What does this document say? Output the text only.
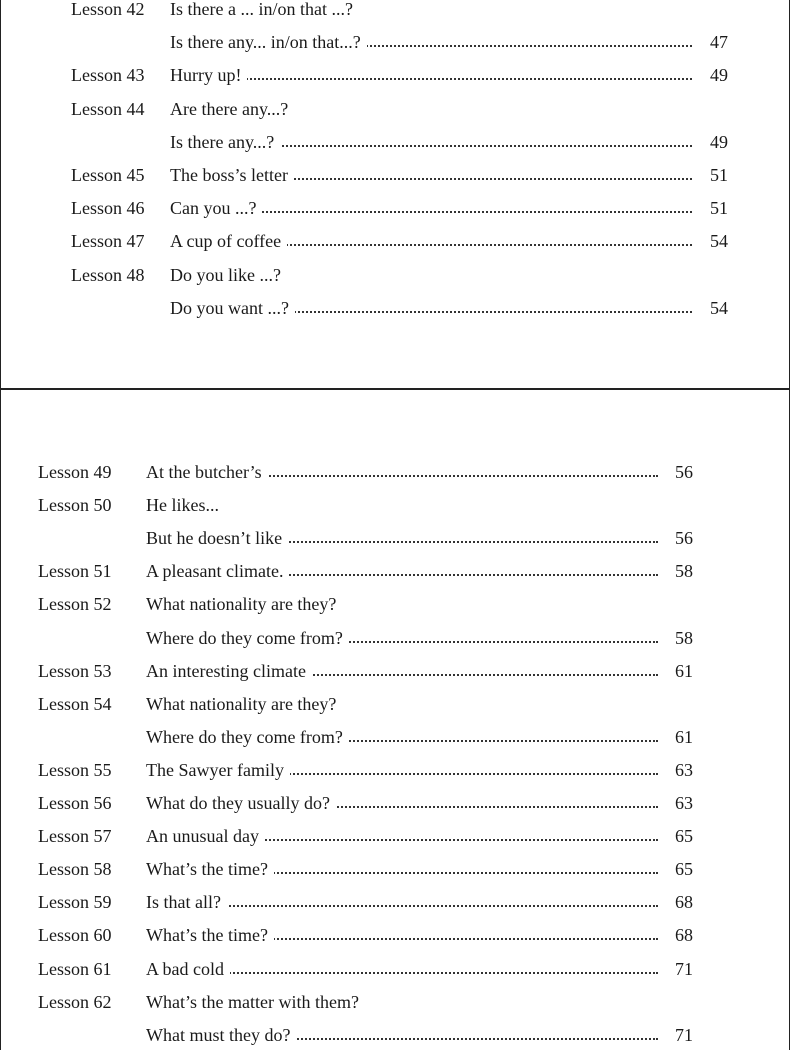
Lesson 42 Is there a ... in/on that ...?
Is there any... in/on that...?	47
Lesson 43 Hurry up!	49
Lesson 44 Are there any...?
Is there any...?	49
Lesson 45 The boss’s letter	51
Lesson 46 Can you ...?	51
Lesson 47 A cup of coffee	54
Lesson 48 Do you like ...?
Do you want ...?	54
Lesson 49 At the butcher’s	56
Lesson 50 He likes...
But he doesn’t like	56
Lesson 51 A pleasant climate.	58
Lesson 52 What nationality are they?
Where do they come from?	58
Lesson 53 An interesting climate	61
Lesson 54 What nationality are they?
Where do they come from?	61
Lesson 55 The Sawyer family	63
Lesson 56 What do they usually do?	63
Lesson 57 An unusual day	65
Lesson 58 What’s the time?	65
Lesson 59 Is that all?	68
Lesson 60 What’s the time?	68
Lesson 61 A bad cold	71
Lesson 62 What’s the matter with them?
What must they do?	71
